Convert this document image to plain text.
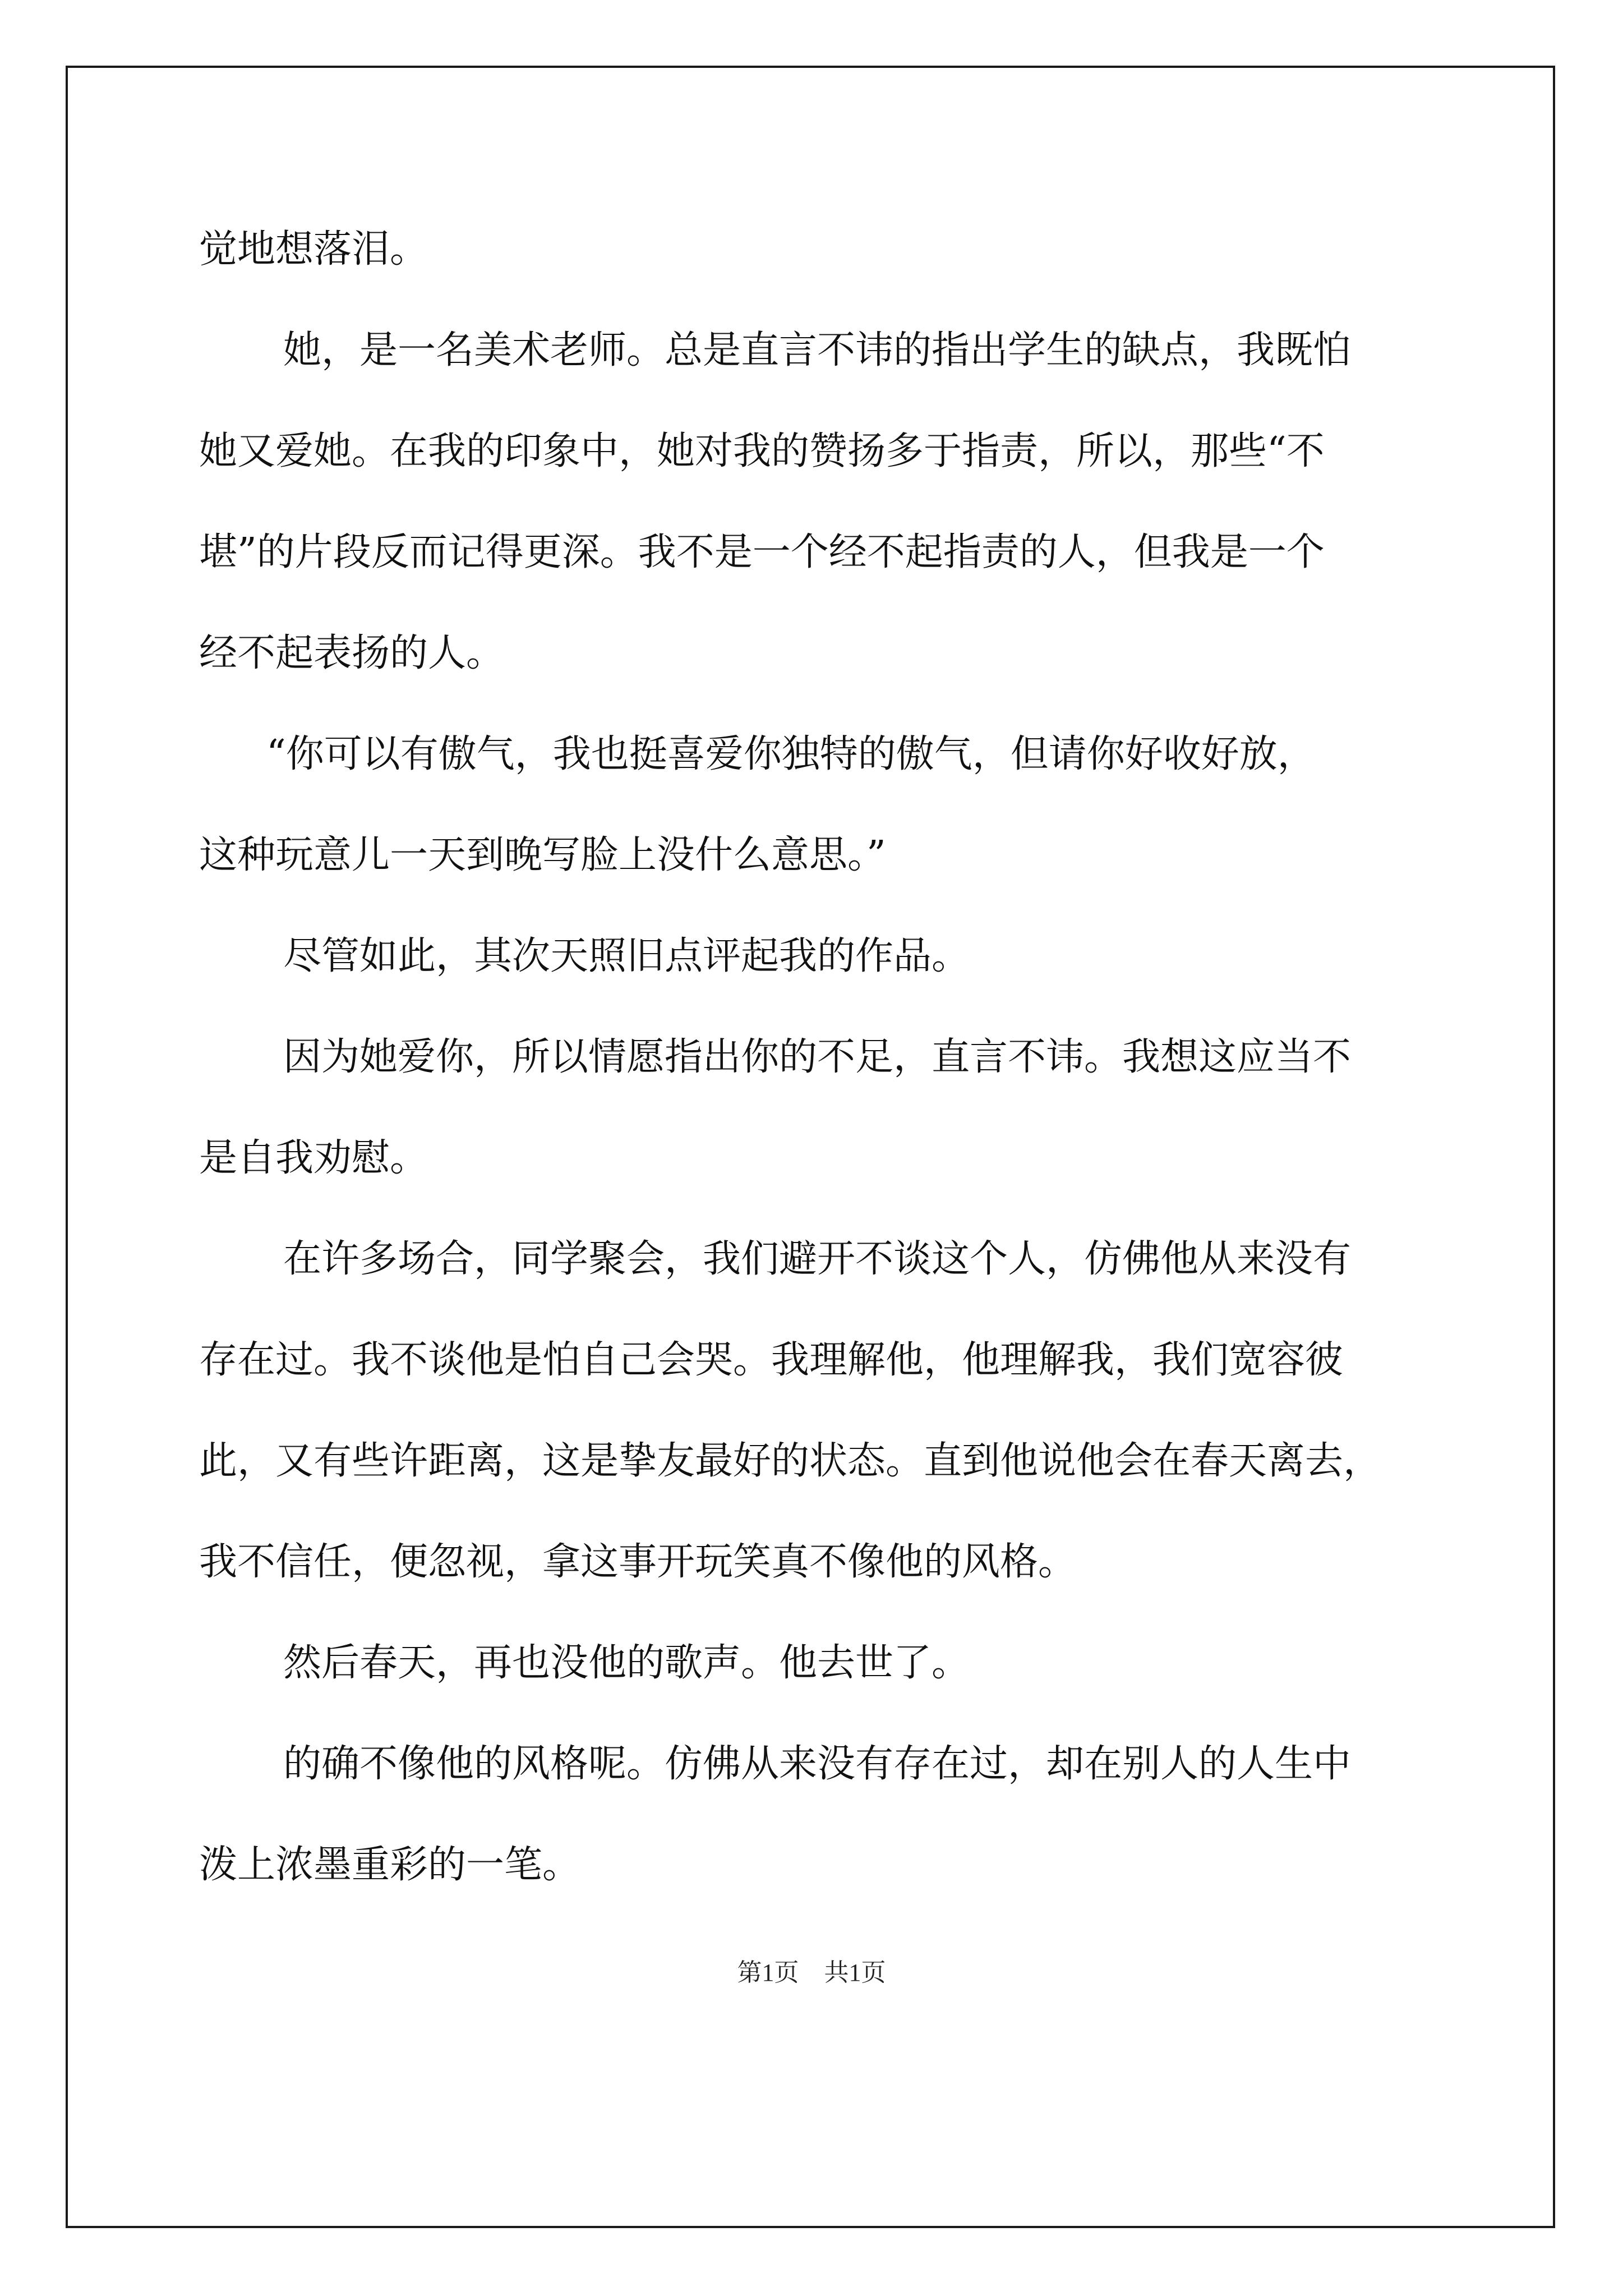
觉地想落泪。
她，是一名美术老师。总是直言不讳的指出学生的缺点，我既怕
她又爱她。在我的印象中，她对我的赞扬多于指责，所以，那些“不
堪”的片段反而记得更深。我不是一个经不起指责的人，但我是一个
经不起表扬的人。
“你可以有傲气，我也挺喜爱你独特的傲气，但请你好收好放，
这种玩意儿一天到晚写脸上没什么意思。”
尽管如此，其次天照旧点评起我的作品。
因为她爱你，所以情愿指出你的不足，直言不讳。我想这应当不
是自我劝慰。
在许多场合，同学聚会，我们避开不谈这个人，仿佛他从来没有
存在过。我不谈他是怕自己会哭。我理解他，他理解我，我们宽容彼
此，又有些许距离，这是挚友最好的状态。直到他说他会在春天离去，
我不信任，便忽视，拿这事开玩笑真不像他的风格。
然后春天，再也没他的歌声。他去世了。
的确不像他的风格呢。仿佛从来没有存在过，却在别人的人生中
泼上浓墨重彩的一笔。
第1页 共1页
